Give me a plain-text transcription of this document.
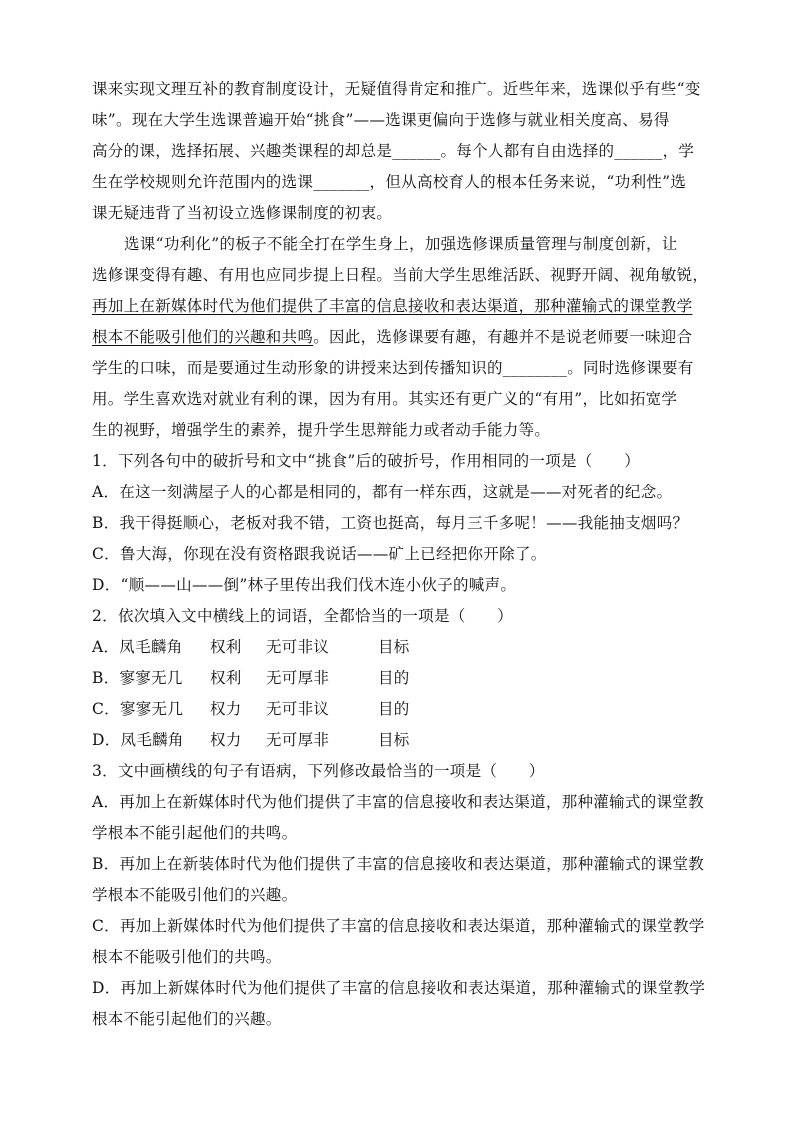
课来实现文理互补的教育制度设计，无疑值得肯定和推广。近些年来，选课似乎有些“变
味”。现在大学生选课普遍开始“挑食”——选课更偏向于选修与就业相关度高、易得
高分的课，选择拓展、兴趣类课程的却总是______。每个人都有自由选择的______，学
生在学校规则允许范围内的选课_______，但从高校育人的根本任务来说，“功利性”选
课无疑违背了当初设立选修课制度的初衷。
选课“功利化”的板子不能全打在学生身上，加强选修课质量管理与制度创新，让
选修课变得有趣、有用也应同步提上日程。当前大学生思维活跃、视野开阔、视角敏锐，
再加上在新媒体时代为他们提供了丰富的信息接收和表达渠道，那种灌输式的课堂教学
根本不能吸引他们的兴趣和共鸣。因此，选修课要有趣，有趣并不是说老师要一味迎合
学生的口味，而是要通过生动形象的讲授来达到传播知识的________。同时选修课要有
用。学生喜欢选对就业有利的课，因为有用。其实还有更广义的“有用”，比如拓宽学
生的视野，增强学生的素养，提升学生思辩能力或者动手能力等。
1．下列各句中的破折号和文中“挑食”后的破折号，作用相同的一项是（　　）
A．在这一刻满屋子人的心都是相同的，都有一样东西，这就是——对死者的纪念。
B．我干得挺顺心，老板对我不错，工资也挺高，每月三千多呢！——我能抽支烟吗？
C．鲁大海，你现在没有资格跟我说话——矿上已经把你开除了。
D．“顺——山——倒”林子里传出我们伐木连小伙子的喊声。
2．依次填入文中横线上的词语，全都恰当的一项是（　　）
A．凤毛麟角	权利	无可非议	目标
B．寥寥无几	权利	无可厚非	目的
C．寥寥无几	权力	无可非议	目的
D．凤毛麟角	权力	无可厚非	目标
3．文中画横线的句子有语病，下列修改最恰当的一项是（　　）
A．再加上在新媒体时代为他们提供了丰富的信息接收和表达渠道，那种灌输式的课堂教
学根本不能引起他们的共鸣。
B．再加上在新装体时代为他们提供了丰富的信息接收和表达渠道，那种灌输式的课堂教
学根本不能吸引他们的兴趣。
C．再加上新媒体时代为他们提供了丰富的信息接收和表达渠道，那种灌输式的课堂教学
根本不能吸引他们的共鸣。
D．再加上新媒体时代为他们提供了丰富的信息接收和表达渠道，那种灌输式的课堂教学
根本不能引起他们的兴趣。
